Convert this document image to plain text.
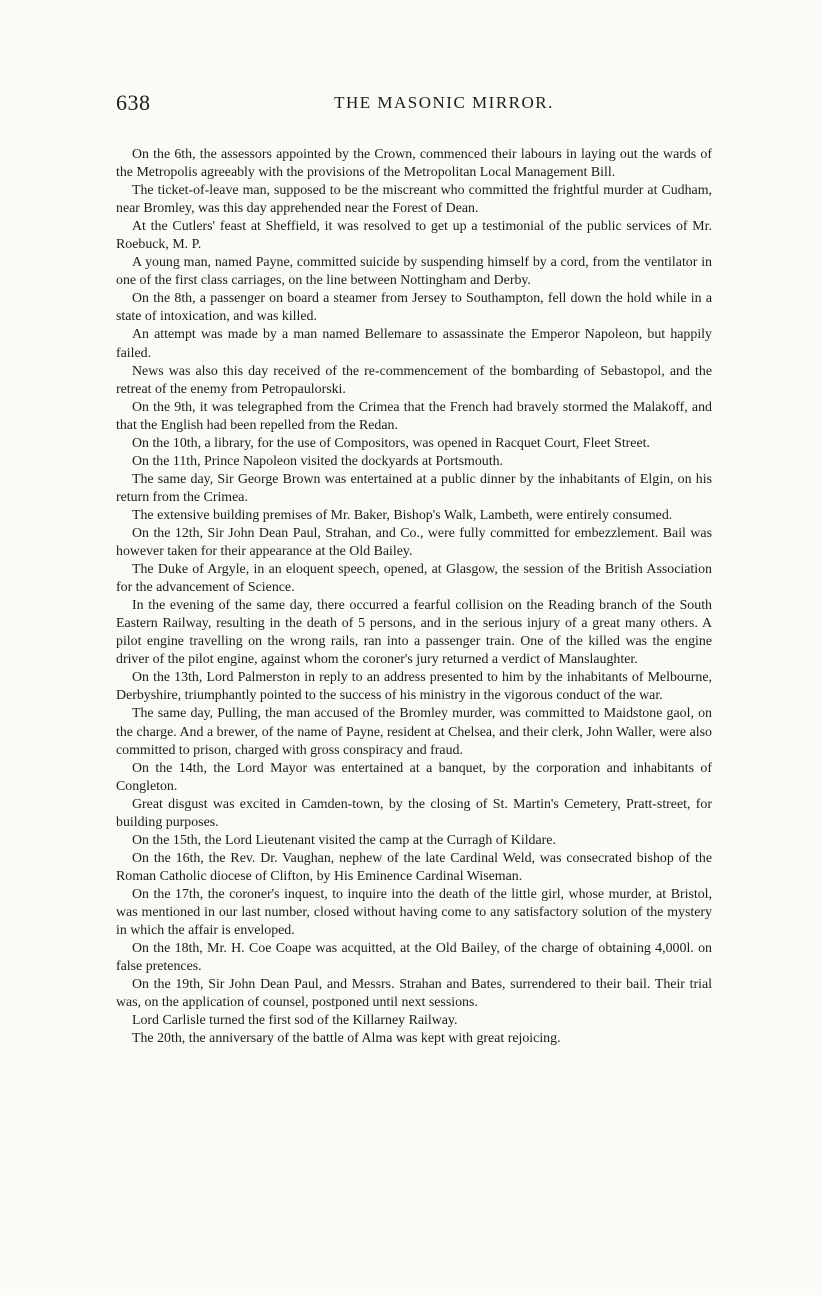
638	THE MASONIC MIRROR.

On the 6th, the assessors appointed by the Crown, commenced their labours in laying out the wards of the Metropolis agreeably with the provisions of the Metropolitan Local Management Bill.

The ticket-of-leave man, supposed to be the miscreant who committed the frightful murder at Cudham, near Bromley, was this day apprehended near the Forest of Dean.

At the Cutlers' feast at Sheffield, it was resolved to get up a testimonial of the public services of Mr. Roebuck, M. P.

A young man, named Payne, committed suicide by suspending himself by a cord, from the ventilator in one of the first class carriages, on the line between Nottingham and Derby.

On the 8th, a passenger on board a steamer from Jersey to Southampton, fell down the hold while in a state of intoxication, and was killed.

An attempt was made by a man named Bellemare to assassinate the Emperor Napoleon, but happily failed.

News was also this day received of the re-commencement of the bombarding of Sebastopol, and the retreat of the enemy from Petropaulorski.

On the 9th, it was telegraphed from the Crimea that the French had bravely stormed the Malakoff, and that the English had been repelled from the Redan.

On the 10th, a library, for the use of Compositors, was opened in Racquet Court, Fleet Street.

On the 11th, Prince Napoleon visited the dockyards at Portsmouth.

The same day, Sir George Brown was entertained at a public dinner by the inhabitants of Elgin, on his return from the Crimea.

The extensive building premises of Mr. Baker, Bishop's Walk, Lambeth, were entirely consumed.

On the 12th, Sir John Dean Paul, Strahan, and Co., were fully committed for embezzlement. Bail was however taken for their appearance at the Old Bailey.

The Duke of Argyle, in an eloquent speech, opened, at Glasgow, the session of the British Association for the advancement of Science.

In the evening of the same day, there occurred a fearful collision on the Reading branch of the South Eastern Railway, resulting in the death of 5 persons, and in the serious injury of a great many others. A pilot engine travelling on the wrong rails, ran into a passenger train. One of the killed was the engine driver of the pilot engine, against whom the coroner's jury returned a verdict of Manslaughter.

On the 13th, Lord Palmerston in reply to an address presented to him by the inhabitants of Melbourne, Derbyshire, triumphantly pointed to the success of his ministry in the vigorous conduct of the war.

The same day, Pulling, the man accused of the Bromley murder, was committed to Maidstone gaol, on the charge. And a brewer, of the name of Payne, resident at Chelsea, and their clerk, John Waller, were also committed to prison, charged with gross conspiracy and fraud.

On the 14th, the Lord Mayor was entertained at a banquet, by the corporation and inhabitants of Congleton.

Great disgust was excited in Camden-town, by the closing of St. Martin's Cemetery, Pratt-street, for building purposes.

On the 15th, the Lord Lieutenant visited the camp at the Curragh of Kildare.

On the 16th, the Rev. Dr. Vaughan, nephew of the late Cardinal Weld, was consecrated bishop of the Roman Catholic diocese of Clifton, by His Eminence Cardinal Wiseman.

On the 17th, the coroner's inquest, to inquire into the death of the little girl, whose murder, at Bristol, was mentioned in our last number, closed without having come to any satisfactory solution of the mystery in which the affair is enveloped.

On the 18th, Mr. H. Coe Coape was acquitted, at the Old Bailey, of the charge of obtaining 4,000l. on false pretences.

On the 19th, Sir John Dean Paul, and Messrs. Strahan and Bates, surrendered to their bail. Their trial was, on the application of counsel, postponed until next sessions.

Lord Carlisle turned the first sod of the Killarney Railway.

The 20th, the anniversary of the battle of Alma was kept with great rejoicing.
